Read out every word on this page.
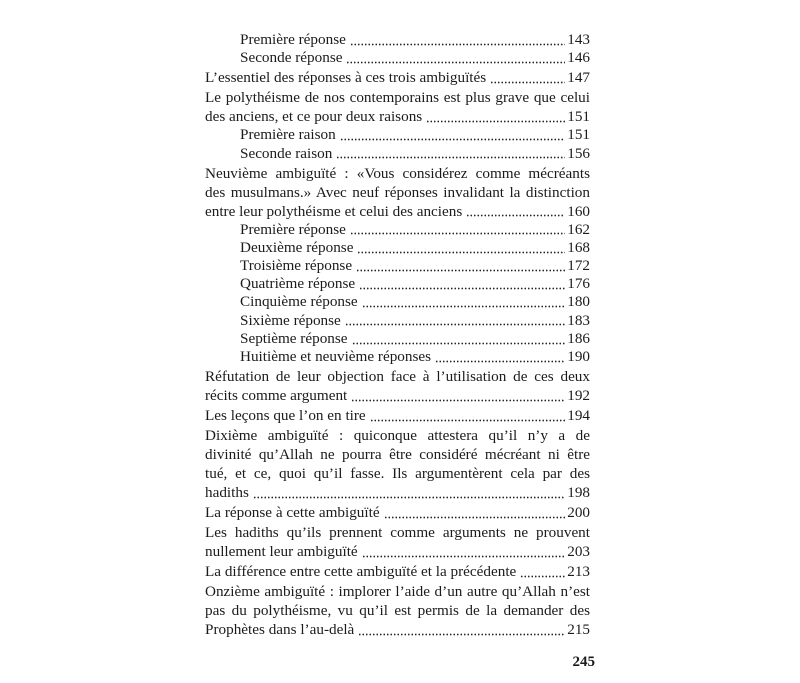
Première réponse	143
Seconde réponse	146
L’essentiel des réponses à ces trois ambiguïtés	147
Le polythéisme de nos contemporains est plus grave que celui
des anciens, et ce pour deux raisons	151
Première raison	151
Seconde raison	156
Neuvième ambiguïté : «Vous considérez comme mécréants
des musulmans.» Avec neuf réponses invalidant la distinction
entre leur polythéisme et celui des anciens	160
Première réponse	162
Deuxième réponse	168
Troisième réponse	172
Quatrième réponse	176
Cinquième réponse	180
Sixième réponse	183
Septième réponse	186
Huitième et neuvième réponses	190
Réfutation de leur objection face à l’utilisation de ces deux
récits comme argument	192
Les leçons que l’on en tire	194
Dixième ambiguïté : quiconque attestera qu’il n’y a de
divinité qu’Allah ne pourra être considéré mécréant ni être
tué, et ce, quoi qu’il fasse. Ils argumentèrent cela par des
hadiths	198
La réponse à cette ambiguïté	200
Les hadiths qu’ils prennent comme arguments ne prouvent
nullement leur ambiguïté	203
La différence entre cette ambiguïté et la précédente	213
Onzième ambiguïté : implorer l’aide d’un autre qu’Allah n’est
pas du polythéisme, vu qu’il est permis de la demander des
Prophètes dans l’au-delà	215
245
